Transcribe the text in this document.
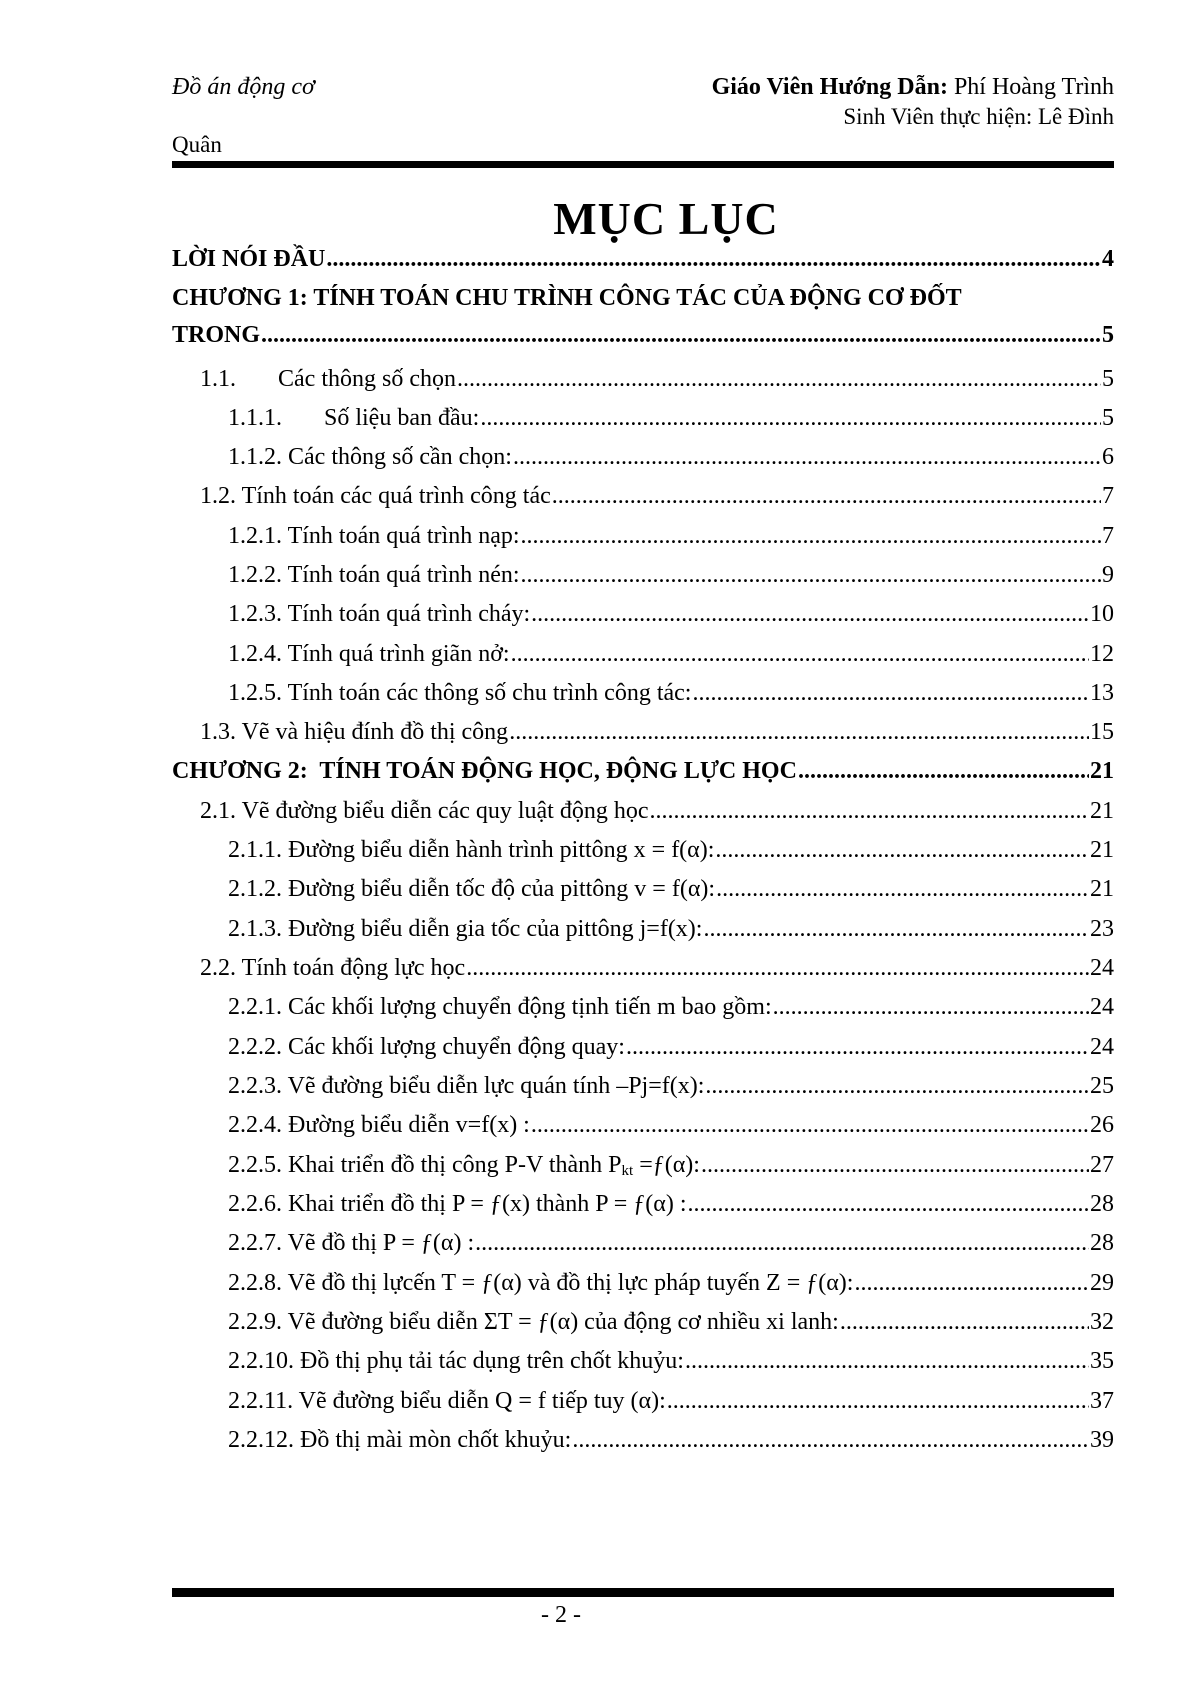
Đồ án động cơ	Giáo Viên Hướng Dẫn: Phí Hoàng Trình
Sinh Viên thực hiện: Lê Đình
Quân
MỤC LỤC
LỜI NÓI ĐẦU .....	4
CHƯƠNG 1: TÍNH TOÁN CHU TRÌNH CÔNG TÁC CỦA ĐỘNG CƠ ĐỐT
TRONG .....	5
1.1.       Các thông số chọn .....	5
1.1.1.       Số liệu ban đầu: .....	5
1.1.2. Các thông số cần chọn: .....	6
1.2. Tính toán các quá trình công tác .....	7
1.2.1. Tính toán quá trình nạp: .....	7
1.2.2. Tính toán quá trình nén: .....	9
1.2.3. Tính toán quá trình cháy: .....	10
1.2.4. Tính quá trình giãn nở: .....	12
1.2.5. Tính toán các thông số chu trình công tác: .....	13
1.3. Vẽ và hiệu đính đồ thị công .....	15
CHƯƠNG 2:  TÍNH TOÁN ĐỘNG HỌC, ĐỘNG LỰC HỌC .....	21
2.1. Vẽ đường biểu diễn các quy luật động học .....	21
2.1.1. Đường biểu diễn hành trình pittông x = f(α): .....	21
2.1.2. Đường biểu diễn tốc độ của pittông v = f(α): .....	21
2.1.3. Đường biểu diễn gia tốc của pittông j=f(x): .....	23
2.2. Tính toán động lực học .....	24
2.2.1. Các khối lượng chuyển động tịnh tiến m bao gồm: .....	24
2.2.2. Các khối lượng chuyển động quay: .....	24
2.2.3. Vẽ đường biểu diễn lực quán tính –Pj=f(x): .....	25
2.2.4. Đường biểu diễn v=f(x) : .....	26
2.2.5. Khai triển đồ thị công P-V thành $P_{kt}$ =ƒ(α): .....	27
2.2.6. Khai triển đồ thị P = ƒ(x) thành P = ƒ(α) : .....	28
2.2.7. Vẽ đồ thị P = ƒ(α) : .....	28
2.2.8. Vẽ đồ thị lựcến T = ƒ(α) và đồ thị lực pháp tuyến Z = ƒ(α): .....	29
2.2.9. Vẽ đường biểu diễn ΣT = ƒ(α) của động cơ nhiều xi lanh: .....	32
2.2.10. Đồ thị phụ tải tác dụng trên chốt khuỷu: .....	35
2.2.11. Vẽ đường biểu diễn Q = f tiếp tuy (α): .....	37
2.2.12. Đồ thị mài mòn chốt khuỷu: .....	39
- 2 -
